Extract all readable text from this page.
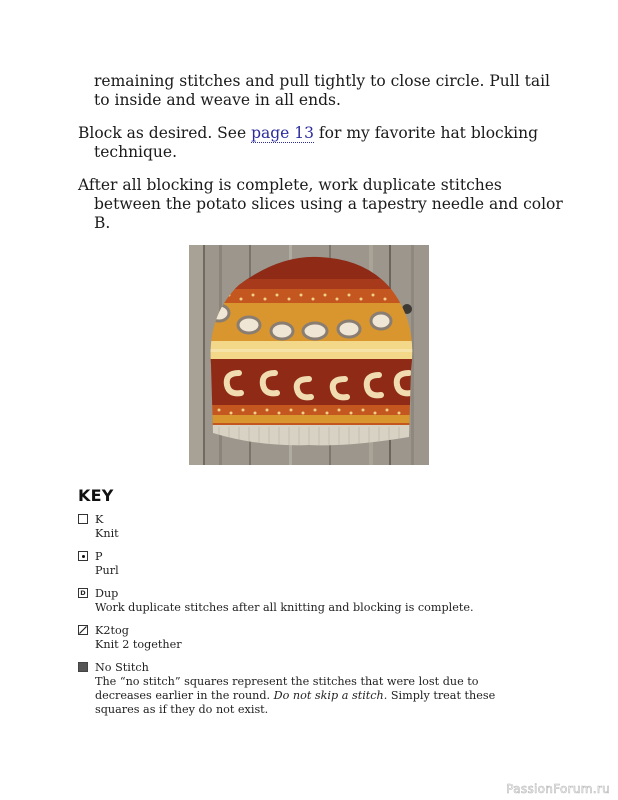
remaining stitches and pull tightly to close circle. Pull tail to inside and weave in all ends.

Block as desired. See page 13 for my favorite hat blocking technique.

After all blocking is complete, work duplicate stitches between the potato slices using a tapestry needle and color B.

KEY
K
Knit
P
Purl
D Dup
Work duplicate stitches after all knitting and blocking is complete.
K2tog
Knit 2 together
No Stitch
The “no stitch” squares represent the stitches that were lost due to decreases earlier in the round. Do not skip a stitch. Simply treat these squares as if they do not exist.
PassionForum.ru
